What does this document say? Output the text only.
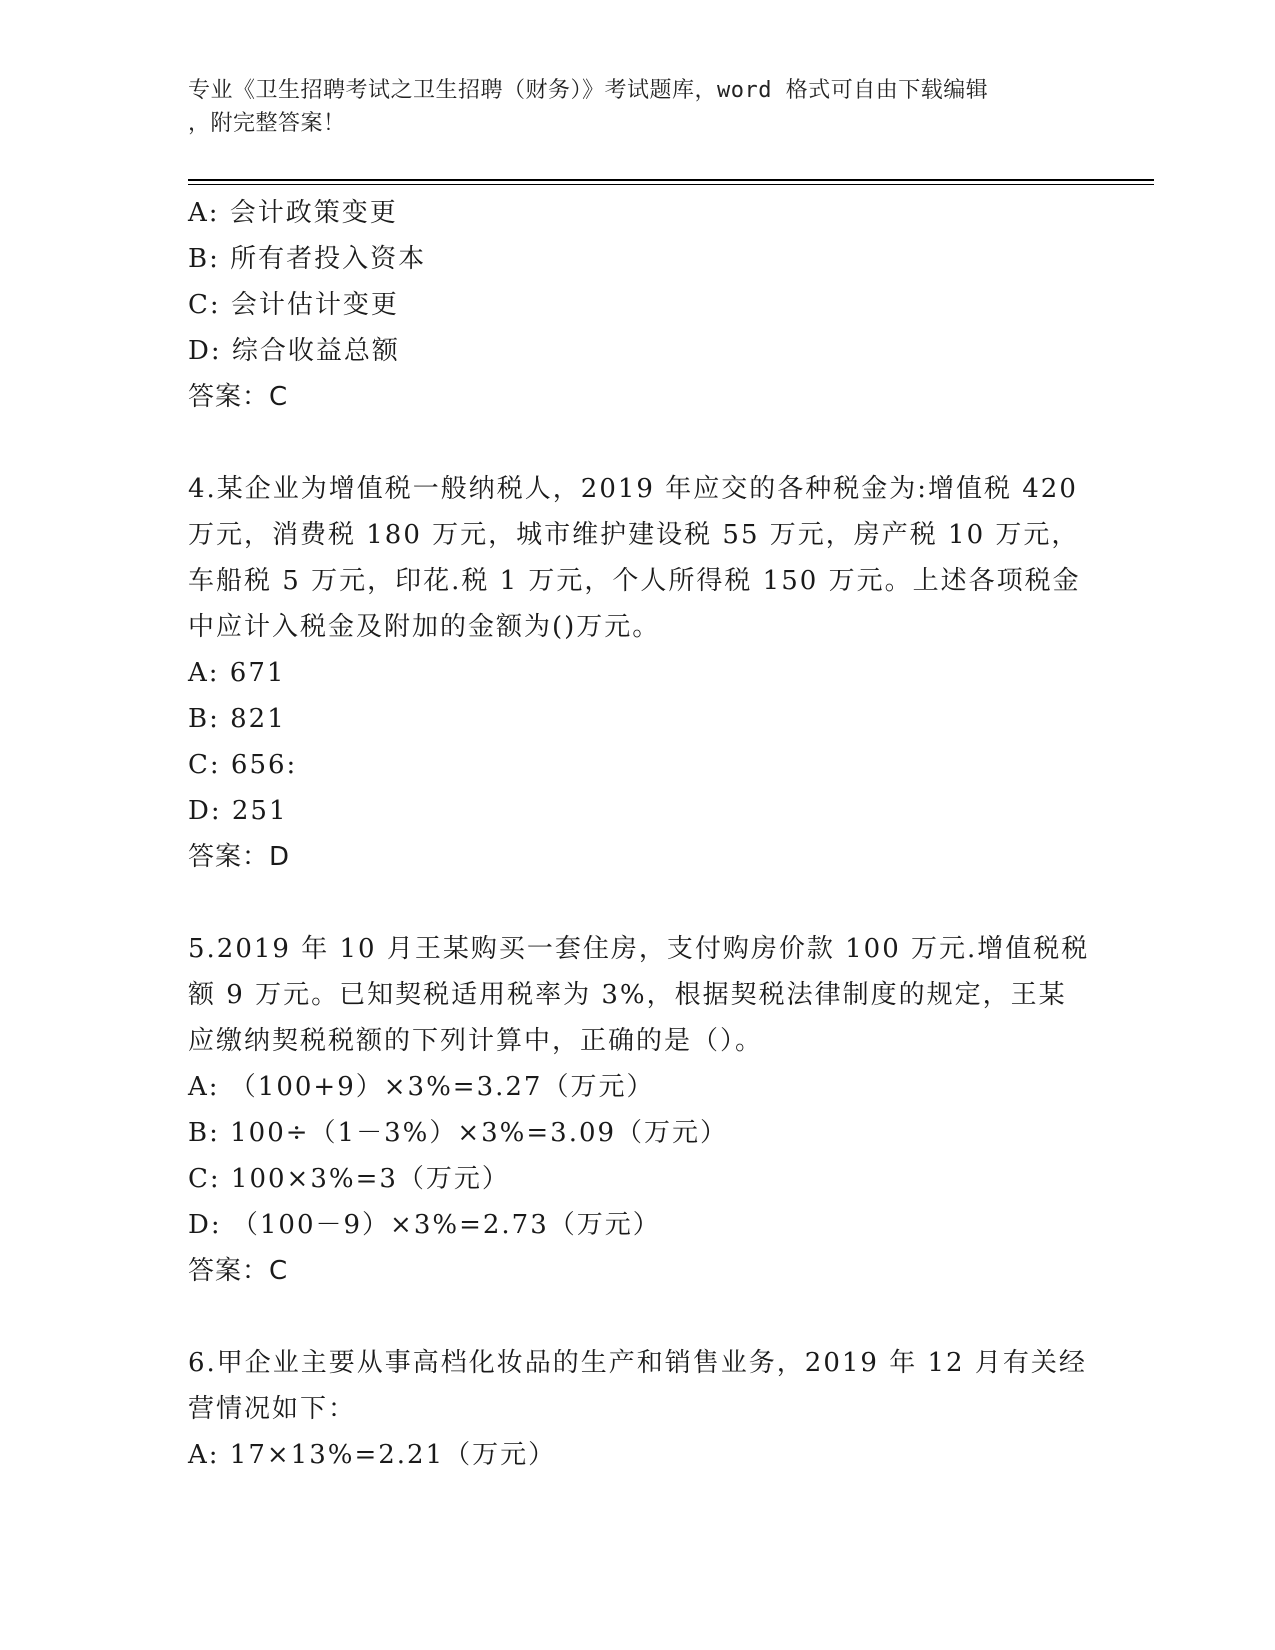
专业《卫生招聘考试之卫生招聘（财务）》考试题库，word 格式可自由下载编辑
，附完整答案！

A: 会计政策变更

B: 所有者投入资本

C: 会计估计变更

D: 综合收益总额

答案：C

4.某企业为增值税一般纳税人，2019 年应交的各种税金为:增值税 420

万元，消费税 180 万元，城市维护建设税 55 万元，房产税 10 万元，

车船税 5 万元，印花.税 1 万元，个人所得税 150 万元。上述各项税金

中应计入税金及附加的金额为()万元。

A: 671

B: 821

C: 656:

D: 251

答案：D

5.2019 年 10 月王某购买一套住房，支付购房价款 100 万元.增值税税

额 9 万元。已知契税适用税率为 3%，根据契税法律制度的规定，王某

应缴纳契税税额的下列计算中，正确的是（）。

A: （100+9）×3%=3.27（万元）

B: 100÷（1－3%）×3%=3.09（万元）

C: 100×3%=3（万元）

D: （100－9）×3%=2.73（万元）

答案：C

6.甲企业主要从事高档化妆品的生产和销售业务，2019 年 12 月有关经

营情况如下：

A: 17×13%=2.21（万元）
